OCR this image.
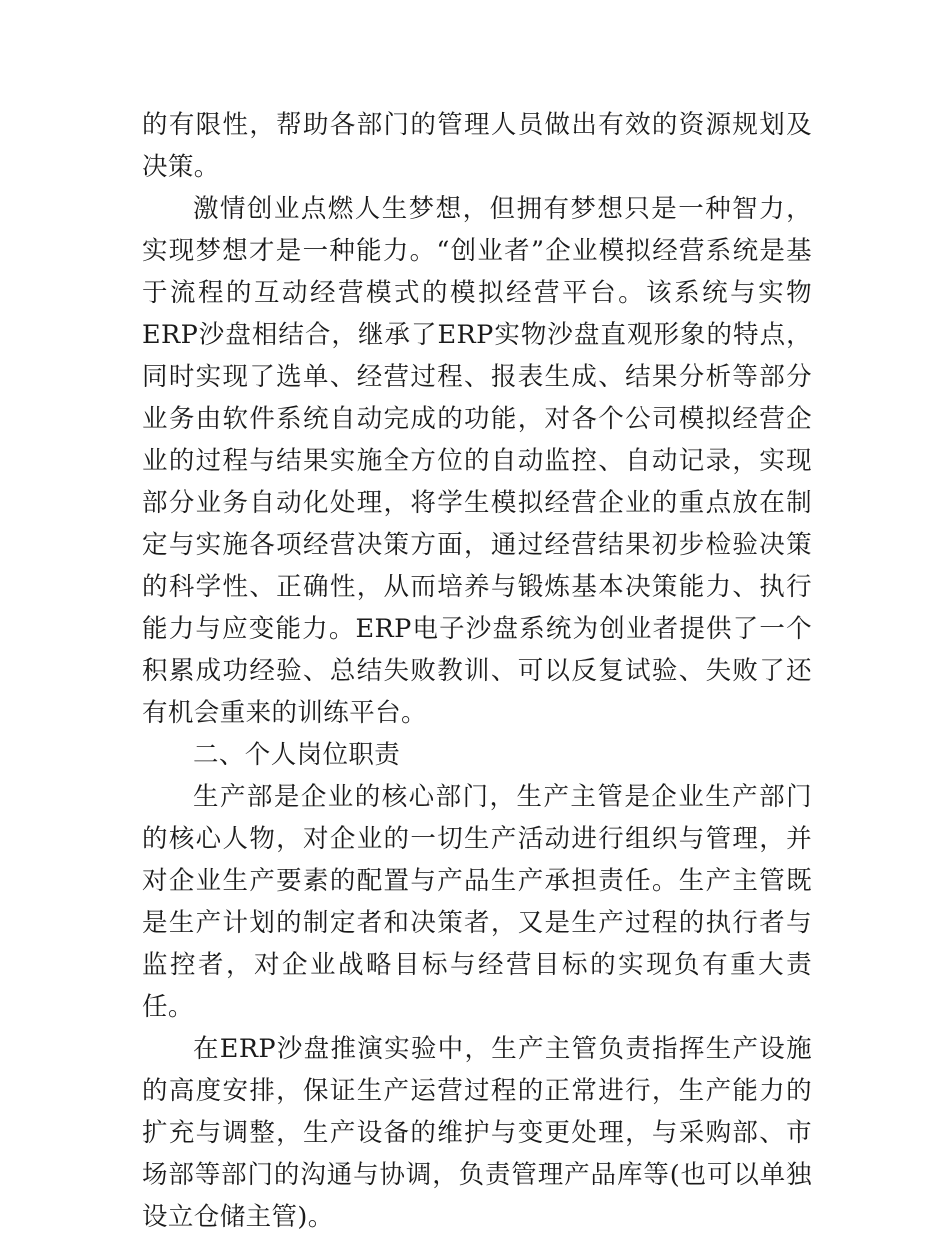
的有限性，帮助各部门的管理人员做出有效的资源规划及决策。

激情创业点燃人生梦想，但拥有梦想只是一种智力，实现梦想才是一种能力。“创业者”企业模拟经营系统是基于流程的互动经营模式的模拟经营平台。该系统与实物ERP沙盘相结合，继承了ERP实物沙盘直观形象的特点，同时实现了选单、经营过程、报表生成、结果分析等部分业务由软件系统自动完成的功能，对各个公司模拟经营企业的过程与结果实施全方位的自动监控、自动记录，实现部分业务自动化处理，将学生模拟经营企业的重点放在制定与实施各项经营决策方面，通过经营结果初步检验决策的科学性、正确性，从而培养与锻炼基本决策能力、执行能力与应变能力。ERP电子沙盘系统为创业者提供了一个积累成功经验、总结失败教训、可以反复试验、失败了还有机会重来的训练平台。

二、个人岗位职责

生产部是企业的核心部门，生产主管是企业生产部门的核心人物，对企业的一切生产活动进行组织与管理，并对企业生产要素的配置与产品生产承担责任。生产主管既是生产计划的制定者和决策者，又是生产过程的执行者与监控者，对企业战略目标与经营目标的实现负有重大责任。

在ERP沙盘推演实验中，生产主管负责指挥生产设施的高度安排，保证生产运营过程的正常进行，生产能力的扩充与调整，生产设备的维护与变更处理，与采购部、市场部等部门的沟通与协调，负责管理产品库等(也可以单独设立仓储主管)。
